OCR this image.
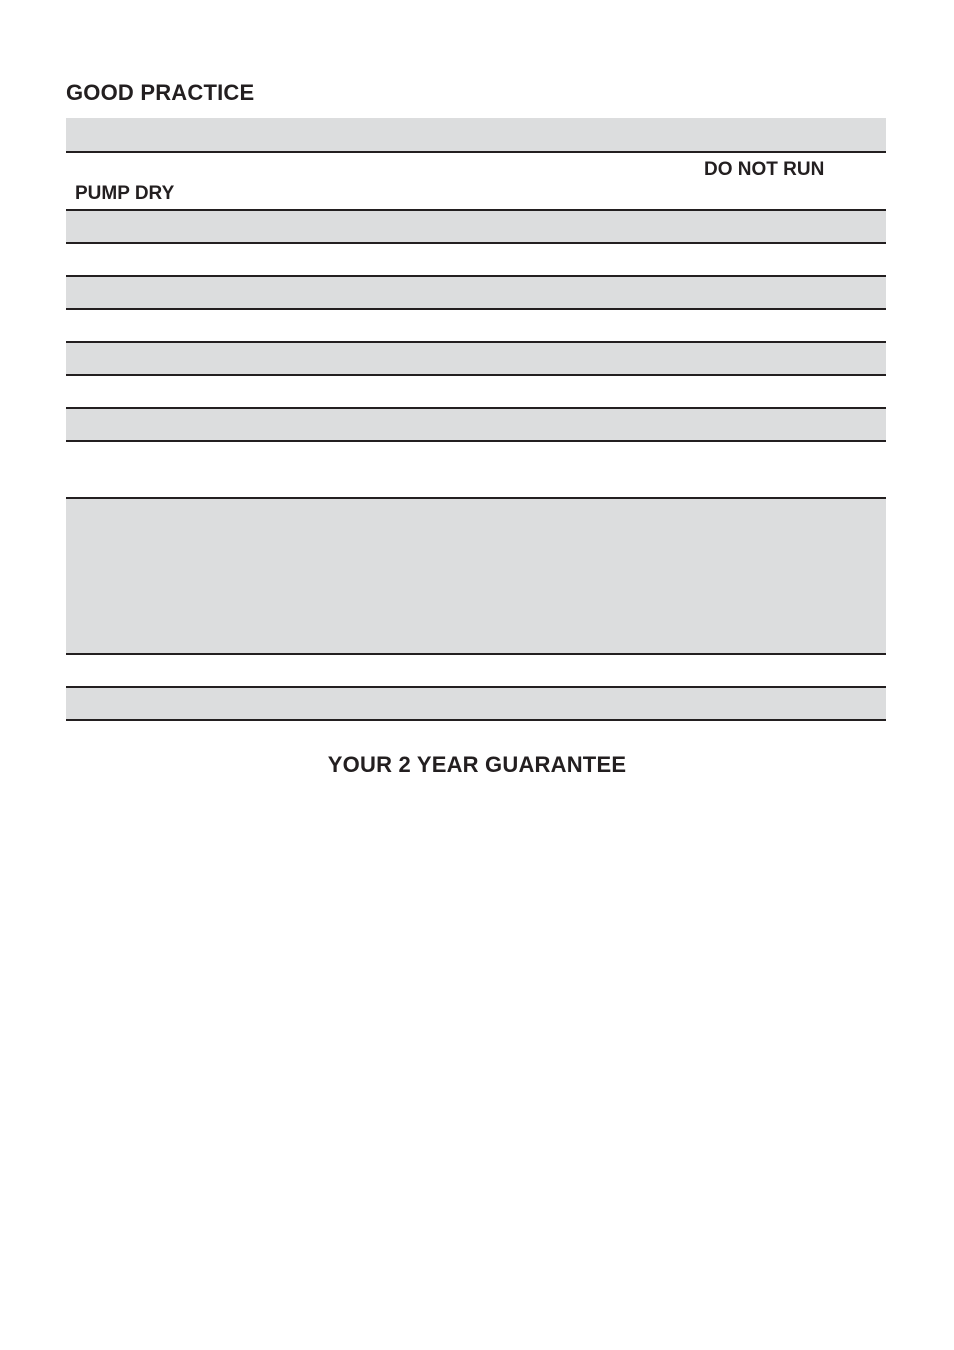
GOOD PRACTICE
DO NOT RUN
PUMP DRY
YOUR 2 YEAR GUARANTEE
